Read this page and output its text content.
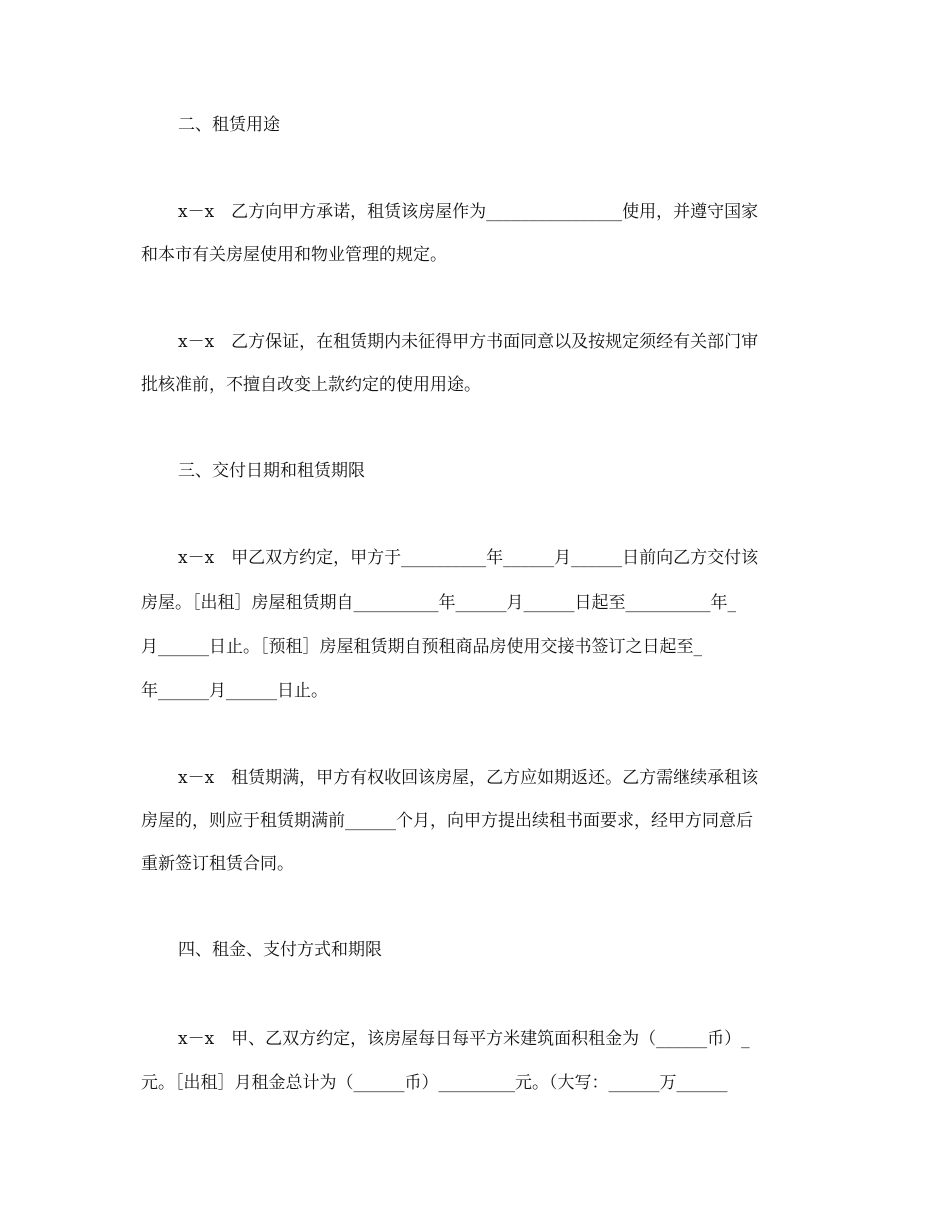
二、租赁用途
x－x　乙方向甲方承诺，租赁该房屋作为________________使用，并遵守国家
和本市有关房屋使用和物业管理的规定。
x－x　乙方保证，在租赁期内未征得甲方书面同意以及按规定须经有关部门审
批核准前，不擅自改变上款约定的使用用途。
三、交付日期和租赁期限
x－x　甲乙双方约定，甲方于__________年______月______日前向乙方交付该
房屋。［出租］房屋租赁期自__________年______月______日起至__________年_
月______日止。［预租］房屋租赁期自预租商品房使用交接书签订之日起至_
年______月______日止。
x－x　租赁期满，甲方有权收回该房屋，乙方应如期返还。乙方需继续承租该
房屋的，则应于租赁期满前______个月，向甲方提出续租书面要求，经甲方同意后
重新签订租赁合同。
四、租金、支付方式和期限
x－x　甲、乙双方约定，该房屋每日每平方米建筑面积租金为（______币）_
元。［出租］月租金总计为（______币）_________元。（大写：______万______
